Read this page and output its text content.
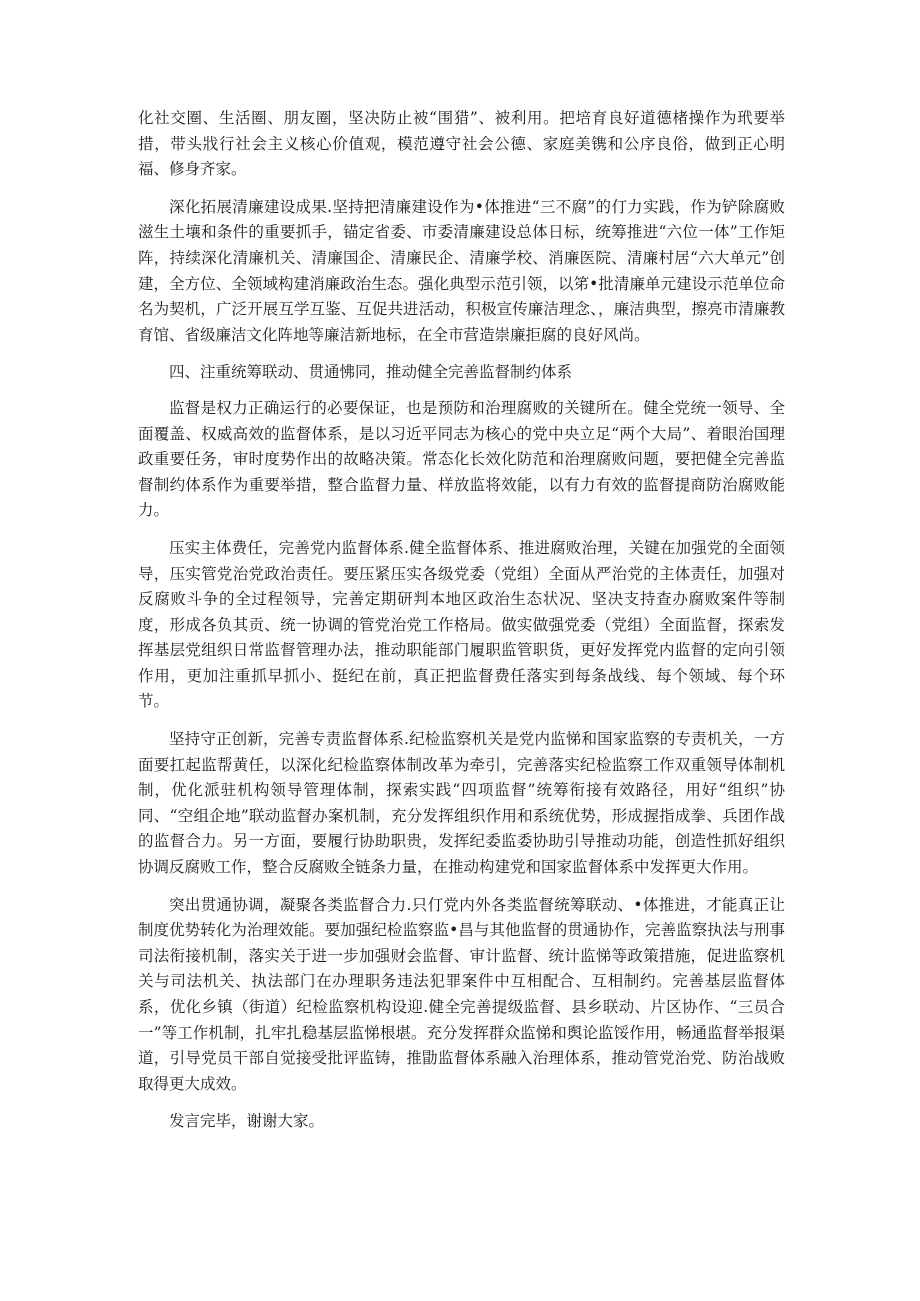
化社交圈、生活圈、朋友圈，坚决防止被“围猎”、被利用。把培育良好道德楮操作为玳要举措，带头戕行社会主义核心价值观，模范遵守社会公德、家庭美镌和公序良俗，做到正心明福、修身齐家。

深化拓展清廉建设成果.坚持把清廉建设作为•体推进“三不腐”的仃力实践，作为铲除腐败滋生土壤和条件的重要抓手，锚定省委、市委清廉建设总体日标，统筹推进“六位一体”工作矩阵，持续深化清廉机关、清廉国企、清廉民企、清廉学校、消廉医院、清廉村居“六大单元”创建，全方位、全领域构建消廉政治生态。强化典型示范引领，以笫•批清廉单元建设示范单位命名为契机，广泛开展互学互鉴、互促共进活动，积极宣传廉洁理念、，廉洁典型，擦亮市清廉教育馆、省级廉洁文化阵地等廉洁新地标，在全市营造崇廉拒腐的良好风尚。

四、注重统筹联动、贯通怫同，推动健全完善监督制约体系

监督是权力正确运行的必要保证，也是预防和治理腐败的关键所在。健全党统一领导、全面覆盖、权威高效的监督体系，是以习近平同志为核心的党中央立足“两个大局”、着眼治国理政重要任务，审时度势作出的故略决策。常态化长效化防范和治理腐败问题，要把健全完善监督制约体系作为重要举措，整合监督力量、样放监将效能，以有力有效的监督提商防治腐败能力。

压实主体费任，完善党内监督体系.健全监督体系、推进腐败治理，关键在加强党的全面领导，压实管党治党政治责任。要压紧压实各级党委（党组）全面从严治党的主体责任，加强对反腐败斗争的全过程领导，完善定期研判本地区政治生态状况、坚决支持查办腐败案件等制度，形成各负其贡、统一协调的管党治党工作格局。做实做强党委（党组）全面监督，探索发挥基层党组织日常监督管理办法，推动职能部门履职监管职货，更好发挥党内监督的定向引领作用，更加注重抓早抓小、挺纪在前，真正把监督费任落实到每条战线、每个领域、每个环节。

坚持守正创新，完善专责监督体系.纪检监察机关是党内监悌和国家监察的专责机关，一方面要扛起监帮黄任，以深化纪检监察体制改革为牵引，完善落实纪检监察工作双重领导体制机制，优化派驻机构领导管理体制，探索实践“四项监督”统筹衔接有效路径，用好“组织”协同、“空组企地”联动监督办案机制，充分发挥组织作用和系统优势，形成握指成拳、兵团作战的监督合力。另一方面，要履行协助职贵，发挥纪委监委协助引导推动功能，创造性抓好组织协调反腐败工作，整合反腐败全链条力量，在推动构建党和国家监督体系中发挥更大作用。

突出贯通协调，凝聚各类监督合力.只仃党内外各类监督统筹联动、•体推进，才能真正让制度优势转化为治理效能。要加强纪检监察监•昌与其他监督的贯通协作，完善监察执法与刑事司法衔接机制，落实关于进一步加强财会监督、审计监督、统计监悌等政策措施，促进监察机关与司法机关、执法部门在办理职务违法犯罪案件中互相配合、互相制约。完善基层监督体系，优化乡镇（街道）纪检监察机构设迎.健全完善提级监督、县乡联动、片区协作、“三员合一”等工作机制，扎牢扎稳基层监悌根堪。充分发挥群众监悌和舆论监馁作用，畅通监督举报渠道，引导党员干部自觉接受批评监铸，推勖监督体系融入治理体系，推动管党治党、防治战败取得更大成效。

发言完毕，谢谢大家。
